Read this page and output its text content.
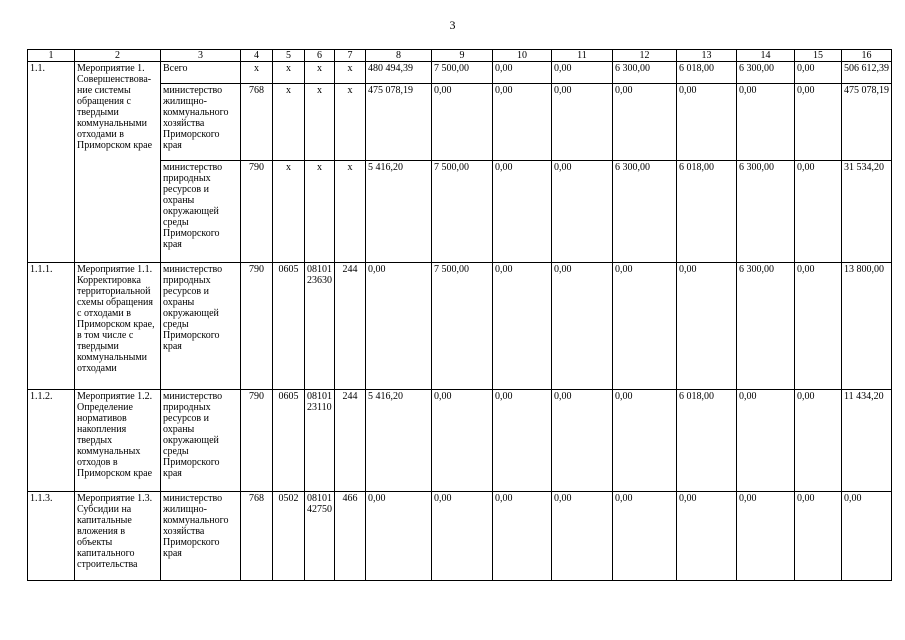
3
1	2	3	4	5	6	7	8	9	10	11	12	13	14	15	16
1.1.	Мероприятие 1. Совершенствова-ние системы обращения с твердыми коммунальными отходами в Приморском крае	Всего	x	x	x	x	480 494,39	7 500,00	0,00	0,00	6 300,00	6 018,00	6 300,00	0,00	506 612,39
		министерство жилищно-коммунального хозяйства Приморского края	768	x	x	x	475 078,19	0,00	0,00	0,00	0,00	0,00	0,00	0,00	475 078,19
		министерство природных ресурсов и охраны окружающей среды Приморского края	790	x	x	x	5 416,20	7 500,00	0,00	0,00	6 300,00	6 018,00	6 300,00	0,00	31 534,20
1.1.1.	Мероприятие 1.1. Корректировка территориальной схемы обращения с отходами в Приморском крае, в том числе с твердыми коммунальными отходами	министерство природных ресурсов и охраны окружающей среды Приморского края	790	0605	08101 23630	244	0,00	7 500,00	0,00	0,00	0,00	0,00	6 300,00	0,00	13 800,00
1.1.2.	Мероприятие 1.2. Определение нормативов накопления твердых коммунальных отходов в Приморском крае	министерство природных ресурсов и охраны окружающей среды Приморского края	790	0605	08101 23110	244	5 416,20	0,00	0,00	0,00	0,00	6 018,00	0,00	0,00	11 434,20
1.1.3.	Мероприятие 1.3. Субсидии на капитальные вложения в объекты капитального строительства	министерство жилищно-коммунального хозяйства Приморского края	768	0502	08101 42750	466	0,00	0,00	0,00	0,00	0,00	0,00	0,00	0,00	0,00
